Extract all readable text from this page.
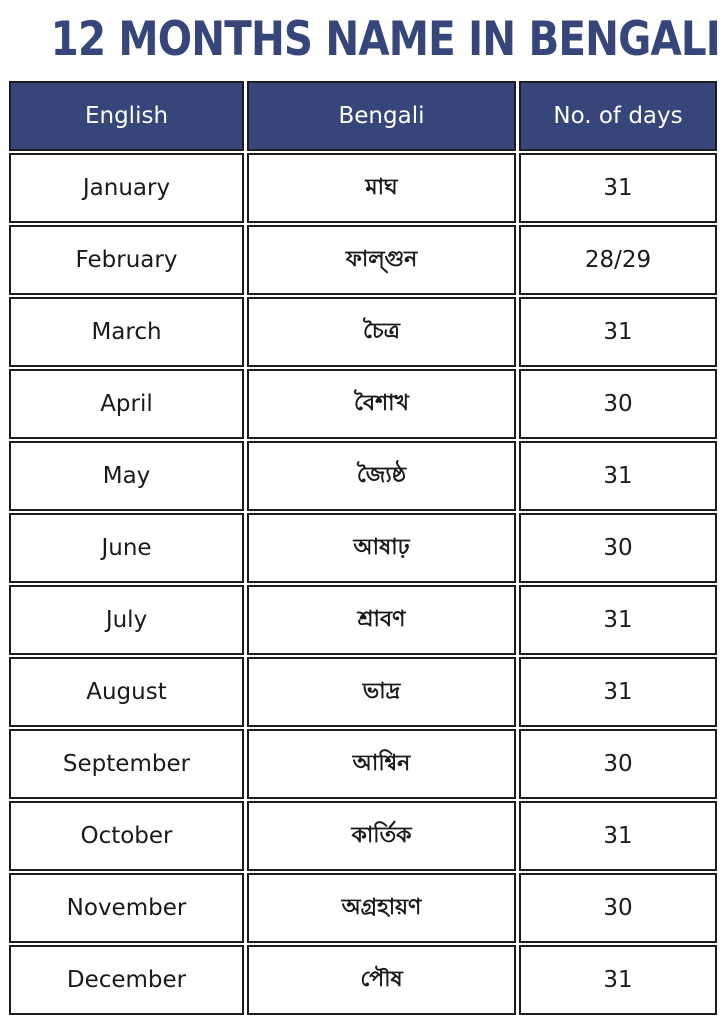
12 MONTHS NAME IN BENGALI
English	Bengali	No. of days
January	মাঘ	31
February	ফাল্গুন	28/29
March	চৈত্র	31
April	বৈশাখ	30
May	জ্যৈষ্ঠ	31
June	আষাঢ়	30
July	শ্রাবণ	31
August	ভাদ্র	31
September	আশ্বিন	30
October	কার্তিক	31
November	অগ্রহায়ণ	30
December	পৌষ	31
